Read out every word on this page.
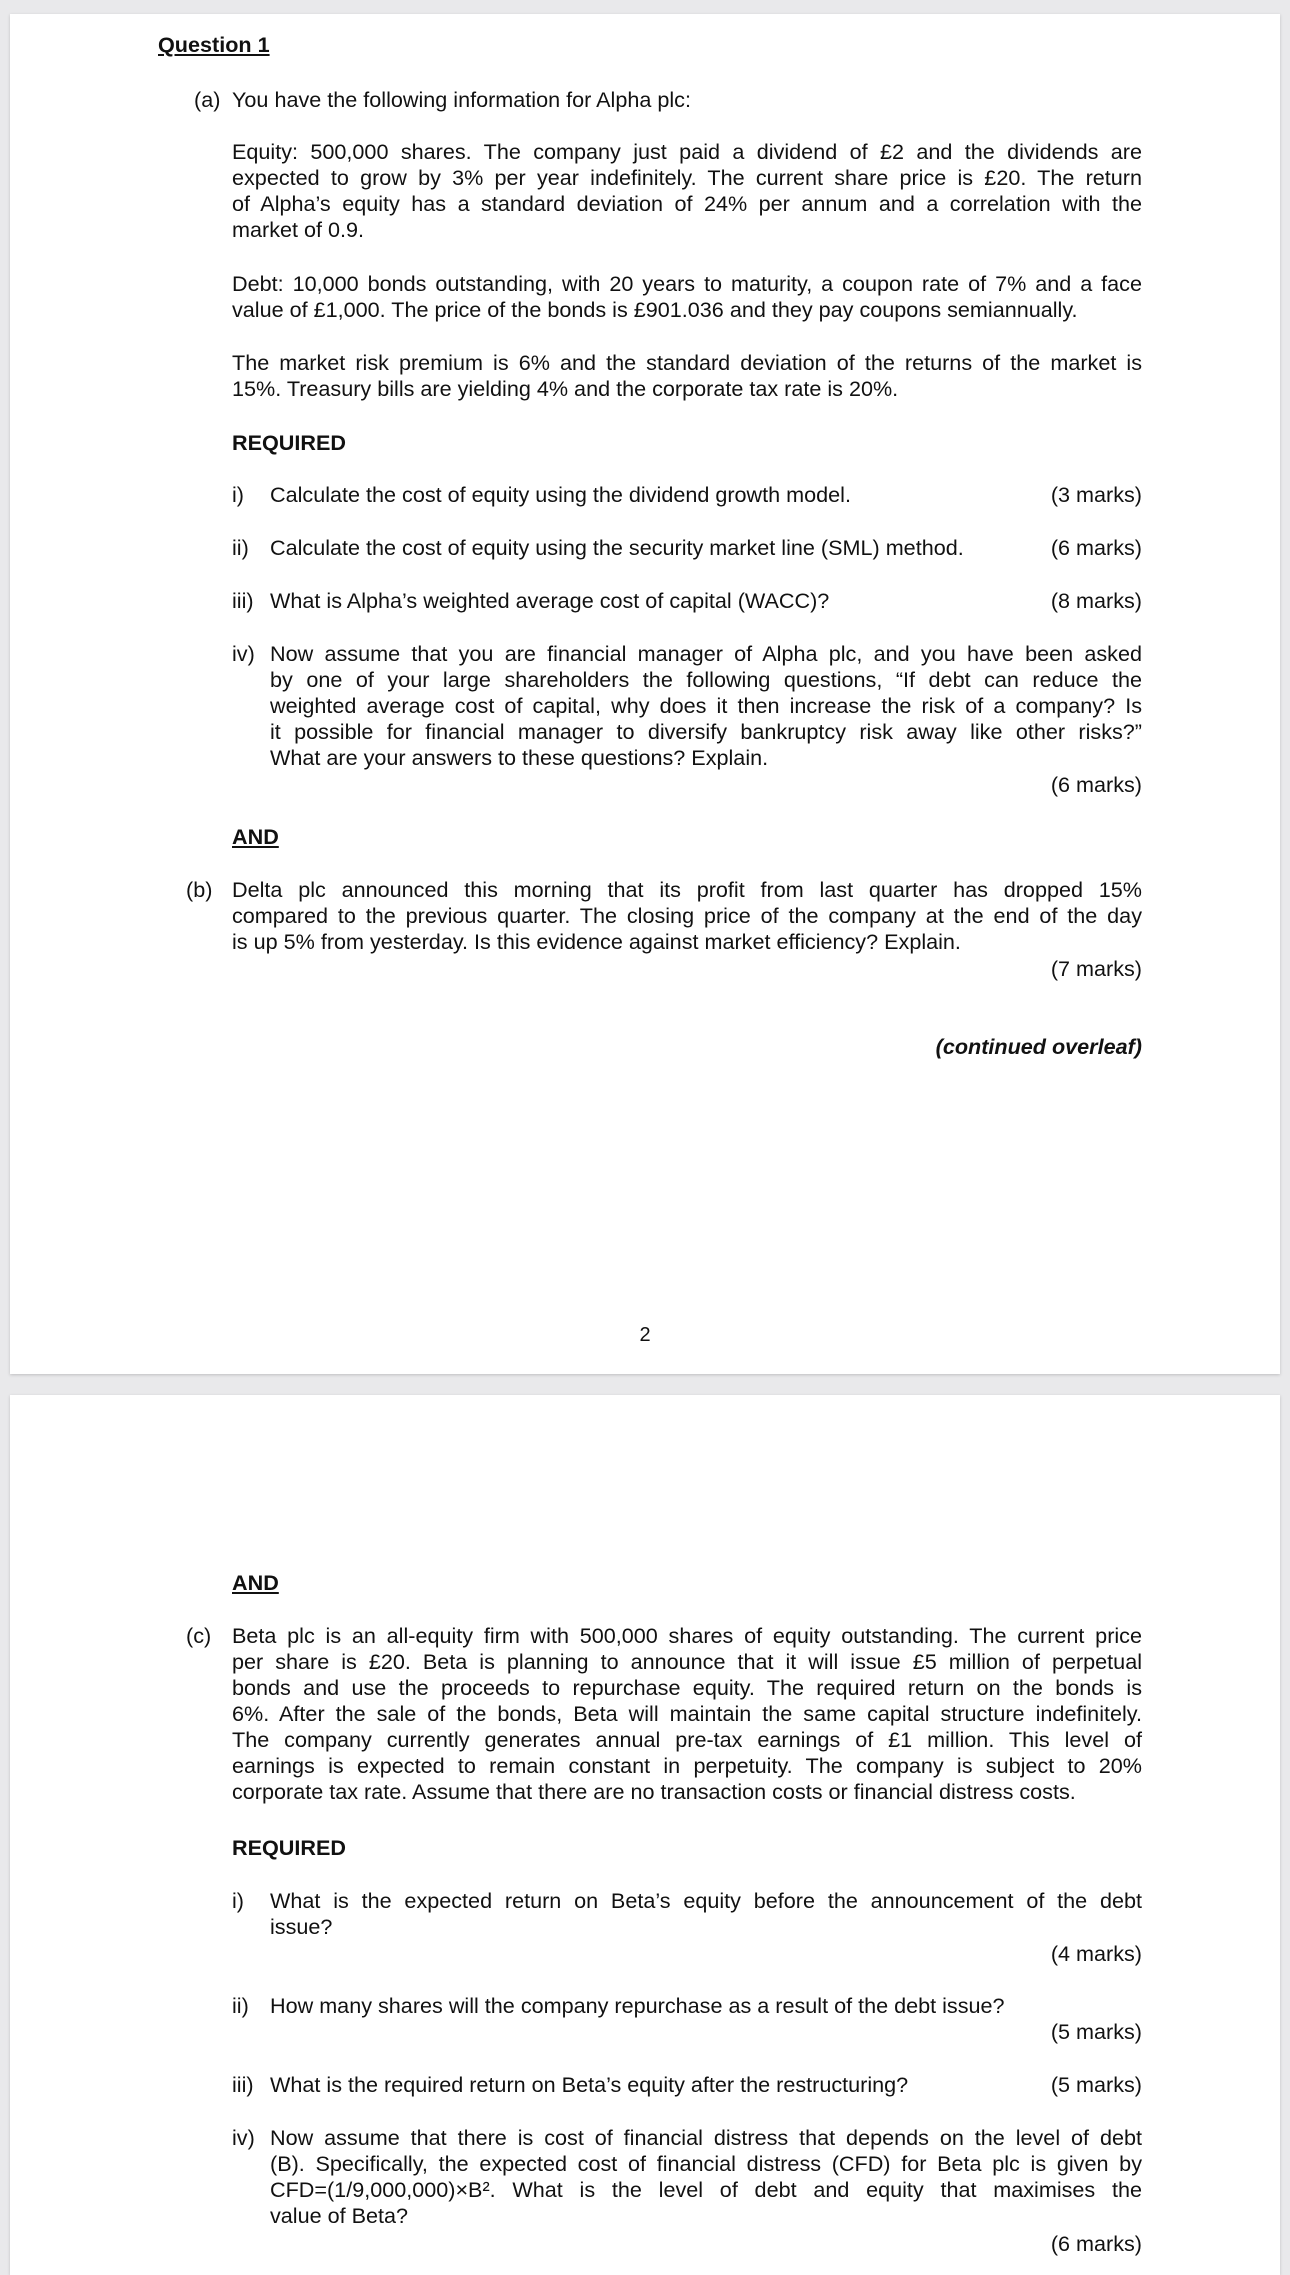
Question 1
(a) You have the following information for Alpha plc:
Equity: 500,000 shares. The company just paid a dividend of £2 and the dividends are
expected to grow by 3% per year indefinitely. The current share price is £20. The return
of Alpha’s equity has a standard deviation of 24% per annum and a correlation with the
market of 0.9.
Debt: 10,000 bonds outstanding, with 20 years to maturity, a coupon rate of 7% and a face
value of £1,000. The price of the bonds is £901.036 and they pay coupons semiannually.
The market risk premium is 6% and the standard deviation of the returns of the market is
15%. Treasury bills are yielding 4% and the corporate tax rate is 20%.
REQUIRED
i) Calculate the cost of equity using the dividend growth model.	(3 marks)
ii) Calculate the cost of equity using the security market line (SML) method.	(6 marks)
iii) What is Alpha’s weighted average cost of capital (WACC)?	(8 marks)
iv) Now assume that you are financial manager of Alpha plc, and you have been asked
by one of your large shareholders the following questions, “If debt can reduce the
weighted average cost of capital, why does it then increase the risk of a company? Is
it possible for financial manager to diversify bankruptcy risk away like other risks?”
What are your answers to these questions? Explain.
(6 marks)
AND
(b) Delta plc announced this morning that its profit from last quarter has dropped 15%
compared to the previous quarter. The closing price of the company at the end of the day
is up 5% from yesterday. Is this evidence against market efficiency? Explain.
(7 marks)
(continued overleaf)
2
AND
(c) Beta plc is an all-equity firm with 500,000 shares of equity outstanding. The current price
per share is £20. Beta is planning to announce that it will issue £5 million of perpetual
bonds and use the proceeds to repurchase equity. The required return on the bonds is
6%. After the sale of the bonds, Beta will maintain the same capital structure indefinitely.
The company currently generates annual pre-tax earnings of £1 million. This level of
earnings is expected to remain constant in perpetuity. The company is subject to 20%
corporate tax rate. Assume that there are no transaction costs or financial distress costs.
REQUIRED
i) What is the expected return on Beta’s equity before the announcement of the debt
issue?
(4 marks)
ii) How many shares will the company repurchase as a result of the debt issue?
(5 marks)
iii) What is the required return on Beta’s equity after the restructuring?	(5 marks)
iv) Now assume that there is cost of financial distress that depends on the level of debt
(B). Specifically, the expected cost of financial distress (CFD) for Beta plc is given by
CFD=(1/9,000,000)×B². What is the level of debt and equity that maximises the
value of Beta?
(6 marks)
